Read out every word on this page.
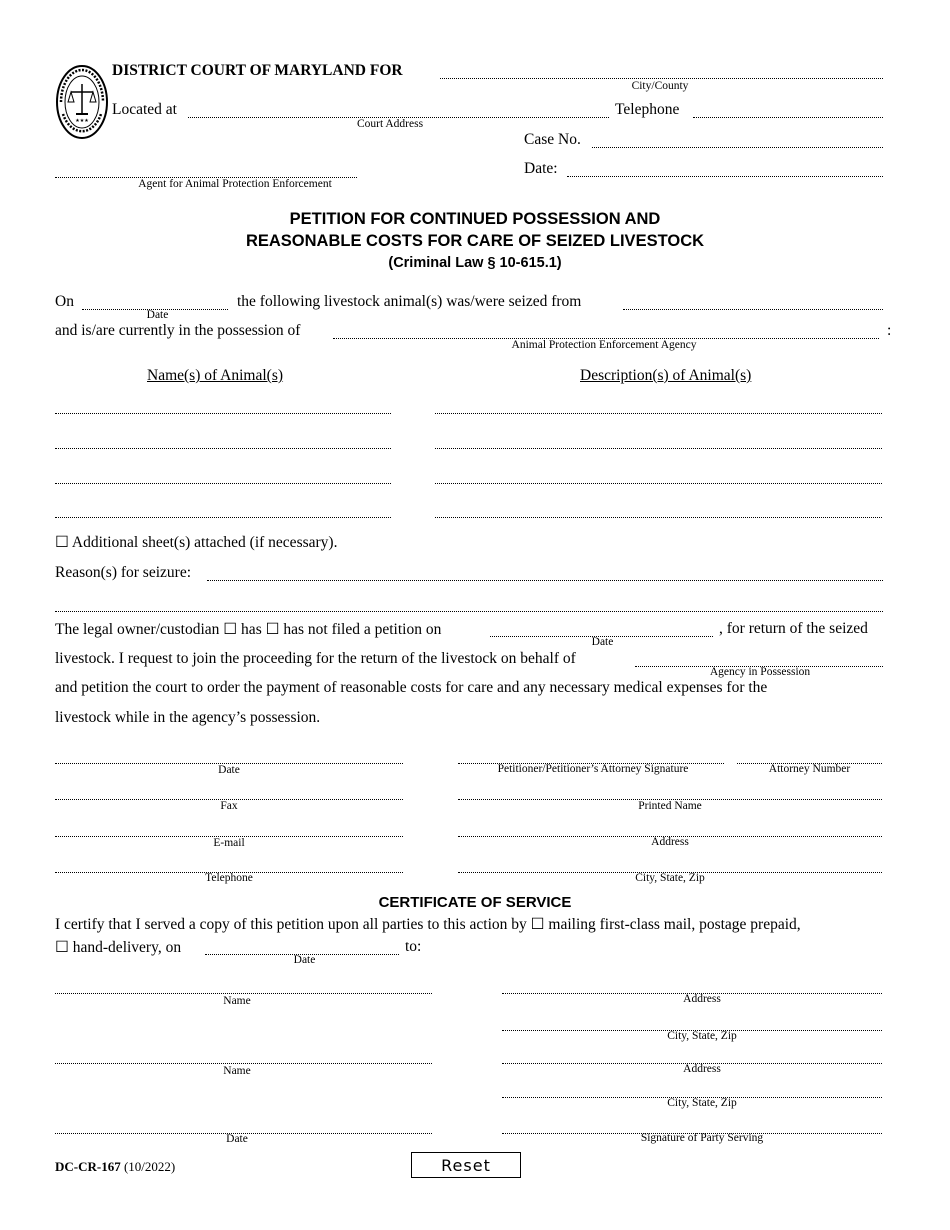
★★★
DISTRICT COURT OF MARYLAND FOR
City/County
Located at
Court Address
Telephone
Case No.
Date:
Agent for Animal Protection Enforcement
PETITION FOR CONTINUED POSSESSION AND
REASONABLE COSTS FOR CARE OF SEIZED LIVESTOCK
(Criminal Law § 10-615.1)
On
Date
the following livestock animal(s) was/were seized from
and is/are currently in the possession of	:
Animal Protection Enforcement Agency
Name(s) of Animal(s)	Description(s) of Animal(s)
☐ Additional sheet(s) attached (if necessary).
Reason(s) for seizure:
The legal owner/custodian ☐ has ☐ has not filed a petition on
Date
, for return of the seized
livestock. I request to join the proceeding for the return of the livestock on behalf of
Agency in Possession
and petition the court to order the payment of reasonable costs for care and any necessary medical expenses for the
livestock while in the agency’s possession.
Date	Petitioner/Petitioner’s Attorney Signature	Attorney Number
Fax	Printed Name
E-mail	Address
Telephone	City, State, Zip
CERTIFICATE OF SERVICE
I certify that I served a copy of this petition upon all parties to this action by ☐ mailing first-class mail, postage prepaid,
☐ hand-delivery, on
Date
to:
Name	Address
City, State, Zip
Name	Address
City, State, Zip
Date	Signature of Party Serving
DC-CR-167 (10/2022)	Reset
